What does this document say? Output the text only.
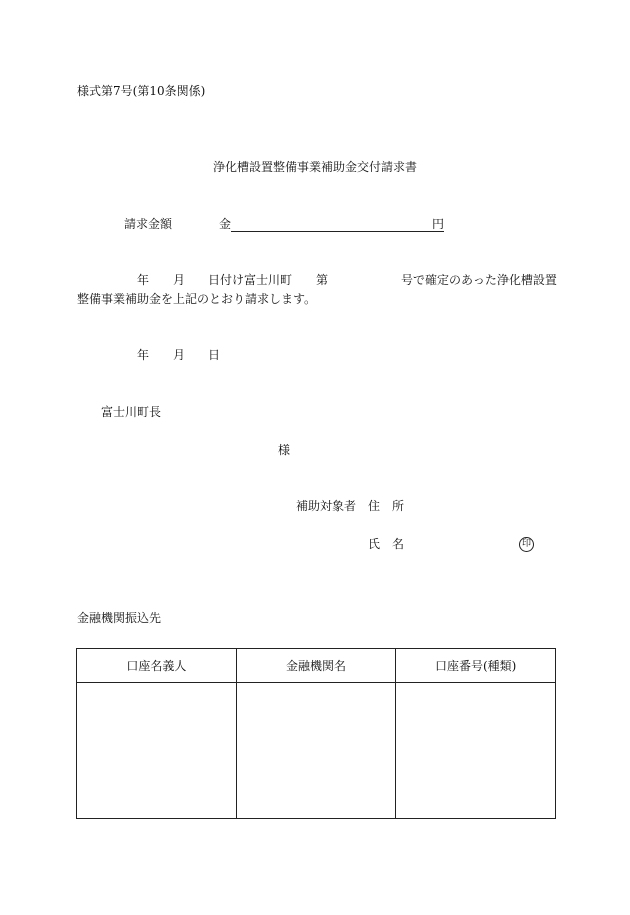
様式第7号(第10条関係)
浄化槽設置整備事業補助金交付請求書
請求金額	金	円
年 月 日付け富士川町 第	号で確定のあった浄化槽設置
整備事業補助金を上記のとおり請求します。
年 月 日
富士川町長
様
補助対象者 住　所
氏　名	印
金融機関振込先
口座名義人	金融機関名	口座番号(種類)
